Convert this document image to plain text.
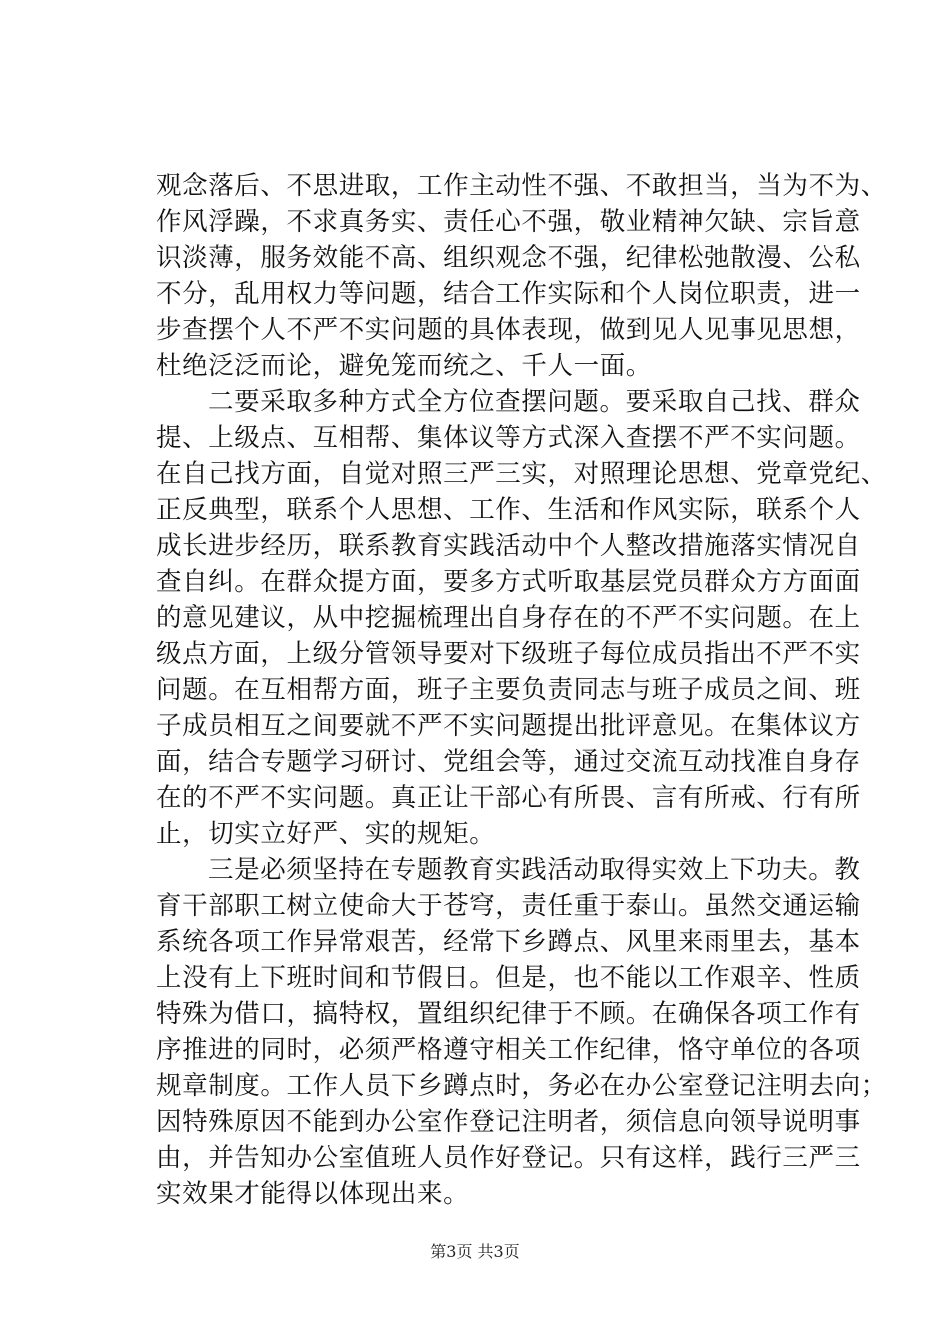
观念落后、不思进取，工作主动性不强、不敢担当，当为不为、
作风浮躁，不求真务实、责任心不强，敬业精神欠缺、宗旨意
识淡薄，服务效能不高、组织观念不强，纪律松弛散漫、公私
不分，乱用权力等问题，结合工作实际和个人岗位职责，进一
步查摆个人不严不实问题的具体表现，做到见人见事见思想，
杜绝泛泛而论，避免笼而统之、千人一面。
二要采取多种方式全方位查摆问题。要采取自己找、群众
提、上级点、互相帮、集体议等方式深入查摆不严不实问题。
在自己找方面，自觉对照三严三实，对照理论思想、党章党纪、
正反典型，联系个人思想、工作、生活和作风实际，联系个人
成长进步经历，联系教育实践活动中个人整改措施落实情况自
查自纠。在群众提方面，要多方式听取基层党员群众方方面面
的意见建议，从中挖掘梳理出自身存在的不严不实问题。在上
级点方面，上级分管领导要对下级班子每位成员指出不严不实
问题。在互相帮方面，班子主要负责同志与班子成员之间、班
子成员相互之间要就不严不实问题提出批评意见。在集体议方
面，结合专题学习研讨、党组会等，通过交流互动找准自身存
在的不严不实问题。真正让干部心有所畏、言有所戒、行有所
止，切实立好严、实的规矩。
三是必须坚持在专题教育实践活动取得实效上下功夫。教
育干部职工树立使命大于苍穹，责任重于泰山。虽然交通运输
系统各项工作异常艰苦，经常下乡蹲点、风里来雨里去，基本
上没有上下班时间和节假日。但是，也不能以工作艰辛、性质
特殊为借口，搞特权，置组织纪律于不顾。在确保各项工作有
序推进的同时，必须严格遵守相关工作纪律，恪守单位的各项
规章制度。工作人员下乡蹲点时，务必在办公室登记注明去向；
因特殊原因不能到办公室作登记注明者，须信息向领导说明事
由，并告知办公室值班人员作好登记。只有这样，践行三严三
实效果才能得以体现出来。
第3页 共3页
